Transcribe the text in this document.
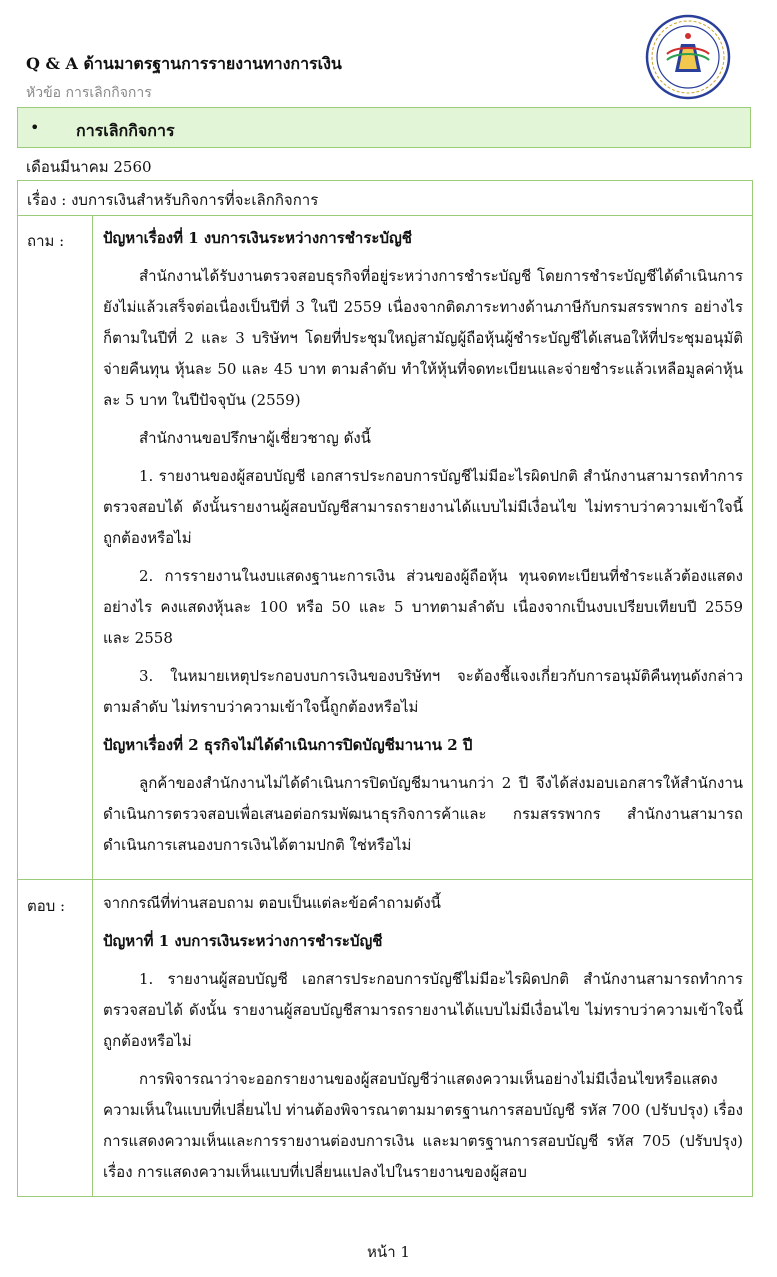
Q & A ด้านมาตรฐานการรายงานทางการเงิน
หัวข้อ การเลิกกิจการ
• การเลิกกิจการ
เดือนมีนาคม 2560
เรื่อง : งบการเงินสำหรับกิจการที่จะเลิกกิจการ
ถาม :	ปัญหาเรื่องที่ 1 งบการเงินระหว่างการชำระบัญชี

สำนักงานได้รับงานตรวจสอบธุรกิจที่อยู่ระหว่างการชำระบัญชี โดยการชำระบัญชีได้ดำเนินการยังไม่แล้วเสร็จต่อเนื่องเป็นปีที่ 3 ในปี 2559 เนื่องจากติดภาระทางด้านภาษีกับกรมสรรพากร อย่างไรก็ตามในปีที่ 2 และ 3 บริษัทฯ โดยที่ประชุมใหญ่สามัญผู้ถือหุ้นผู้ชำระบัญชีได้เสนอให้ที่ประชุมอนุมัติจ่ายคืนทุน หุ้นละ 50 และ 45 บาท ตามลำดับ ทำให้หุ้นที่จดทะเบียนและจ่ายชำระแล้วเหลือมูลค่าหุ้นละ 5 บาท ในปีปัจจุบัน (2559)

สำนักงานขอปรึกษาผู้เชี่ยวชาญ ดังนี้

1. รายงานของผู้สอบบัญชี เอกสารประกอบการบัญชีไม่มีอะไรผิดปกติ สำนักงานสามารถทำการตรวจสอบได้ ดังนั้นรายงานผู้สอบบัญชีสามารถรายงานได้แบบไม่มีเงื่อนไข ไม่ทราบว่าความเข้าใจนี้ถูกต้องหรือไม่

2. การรายงานในงบแสดงฐานะการเงิน ส่วนของผู้ถือหุ้น ทุนจดทะเบียนที่ชำระแล้วต้องแสดงอย่างไร คงแสดงหุ้นละ 100 หรือ 50 และ 5 บาทตามลำดับ เนื่องจากเป็นงบเปรียบเทียบปี 2559 และ 2558

3. ในหมายเหตุประกอบงบการเงินของบริษัทฯ จะต้องชี้แจงเกี่ยวกับการอนุมัติคืนทุนดังกล่าวตามลำดับ ไม่ทราบว่าความเข้าใจนี้ถูกต้องหรือไม่

ปัญหาเรื่องที่ 2 ธุรกิจไม่ได้ดำเนินการปิดบัญชีมานาน 2 ปี

ลูกค้าของสำนักงานไม่ได้ดำเนินการปิดบัญชีมานานกว่า 2 ปี จึงได้ส่งมอบเอกสารให้สำนักงานดำเนินการตรวจสอบเพื่อเสนอต่อกรมพัฒนาธุรกิจการค้าและ กรมสรรพากร สำนักงานสามารถดำเนินการเสนองบการเงินได้ตามปกติ ใช่หรือไม่

ตอบ :	จากกรณีที่ท่านสอบถาม ตอบเป็นแต่ละข้อคำถามดังนี้

ปัญหาที่ 1 งบการเงินระหว่างการชำระบัญชี

1. รายงานผู้สอบบัญชี เอกสารประกอบการบัญชีไม่มีอะไรผิดปกติ สำนักงานสามารถทำการตรวจสอบได้ ดังนั้น รายงานผู้สอบบัญชีสามารถรายงานได้แบบไม่มีเงื่อนไข ไม่ทราบว่าความเข้าใจนี้ถูกต้องหรือไม่

การพิจารณาว่าจะออกรายงานของผู้สอบบัญชีว่าแสดงความเห็นอย่างไม่มีเงื่อนไขหรือแสดงความเห็นในแบบที่เปลี่ยนไป ท่านต้องพิจารณาตามมาตรฐานการสอบบัญชี รหัส 700 (ปรับปรุง) เรื่อง การแสดงความเห็นและการรายงานต่องบการเงิน และมาตรฐานการสอบบัญชี รหัส 705 (ปรับปรุง) เรื่อง การแสดงความเห็นแบบที่เปลี่ยนแปลงไปในรายงานของผู้สอบ

หน้า 1
